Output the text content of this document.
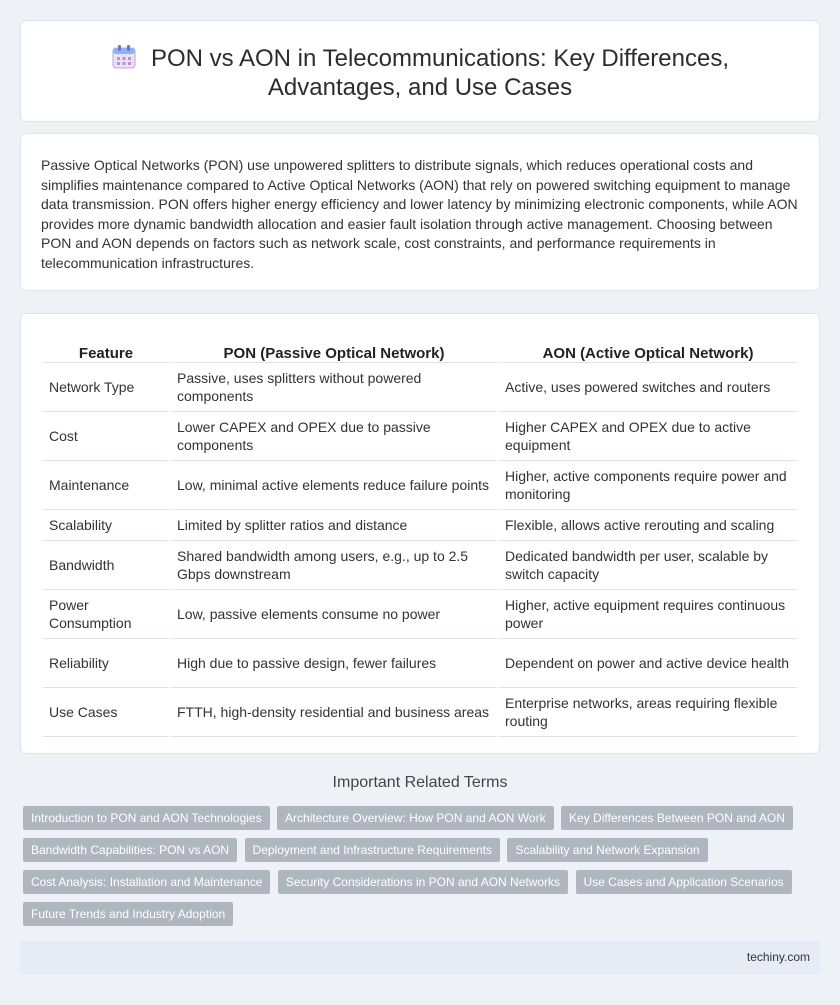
PON vs AON in Telecommunications: Key Differences,
Advantages, and Use Cases

Passive Optical Networks (PON) use unpowered splitters to distribute signals, which reduces operational costs and simplifies maintenance compared to Active Optical Networks (AON) that rely on powered switching equipment to manage data transmission. PON offers higher energy efficiency and lower latency by minimizing electronic components, while AON provides more dynamic bandwidth allocation and easier fault isolation through active management. Choosing between PON and AON depends on factors such as network scale, cost constraints, and performance requirements in telecommunication infrastructures.

Feature	PON (Passive Optical Network)	AON (Active Optical Network)
Network Type	Passive, uses splitters without powered components	Active, uses powered switches and routers
Cost	Lower CAPEX and OPEX due to passive components	Higher CAPEX and OPEX due to active equipment
Maintenance	Low, minimal active elements reduce failure points	Higher, active components require power and monitoring
Scalability	Limited by splitter ratios and distance	Flexible, allows active rerouting and scaling
Bandwidth	Shared bandwidth among users, e.g., up to 2.5 Gbps downstream	Dedicated bandwidth per user, scalable by switch capacity
Power Consumption	Low, passive elements consume no power	Higher, active equipment requires continuous power
Reliability	High due to passive design, fewer failures	Dependent on power and active device health
Use Cases	FTTH, high-density residential and business areas	Enterprise networks, areas requiring flexible routing
Important Related Terms
Introduction to PON and AON Technologies Architecture Overview: How PON and AON Work Key Differences Between PON and AON Bandwidth Capabilities: PON vs AON Deployment and Infrastructure Requirements Scalability and Network Expansion Cost Analysis: Installation and Maintenance Security Considerations in PON and AON Networks Use Cases and Application Scenarios Future Trends and Industry Adoption
techiny.com
